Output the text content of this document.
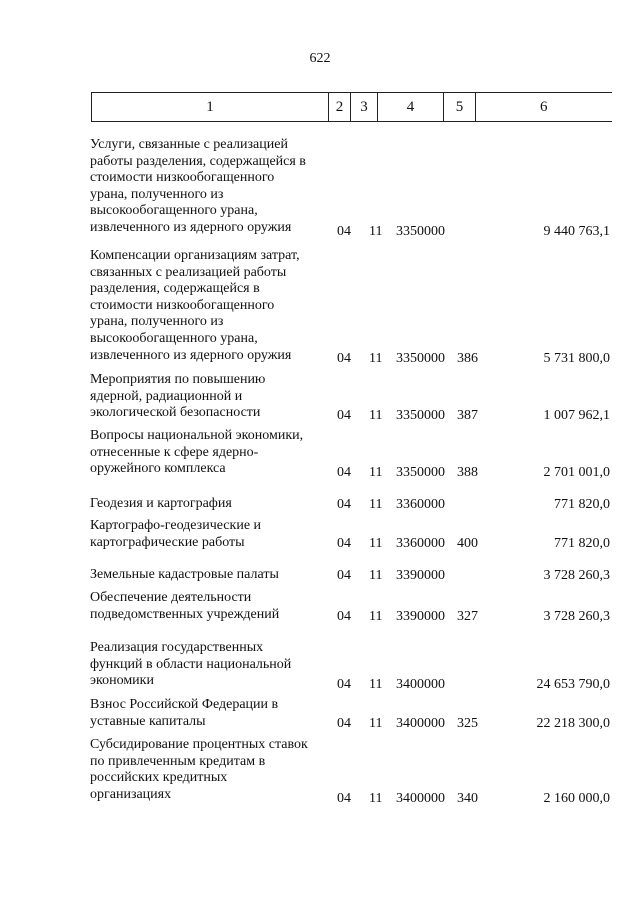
622
1	2	3	4	5	6
Услуги, связанные с реализацией
работы разделения, содержащейся в
стоимости низкообогащенного
урана, полученного из
высокообогащенного урана,
извлеченного из ядерного оружия	04 11 3350000	9 440 763,1
Компенсации организациям затрат,
связанных с реализацией работы
разделения, содержащейся в
стоимости низкообогащенного
урана, полученного из
высокообогащенного урана,
извлеченного из ядерного оружия	04 11 3350000 386	5 731 800,0
Мероприятия по повышению
ядерной, радиационной и
экологической безопасности	04 11 3350000 387	1 007 962,1
Вопросы национальной экономики,
отнесенные к сфере ядерно-
оружейного комплекса	04 11 3350000 388	2 701 001,0
Геодезия и картография	04 11 3360000	771 820,0
Картографо-геодезические и
картографические работы	04 11 3360000 400	771 820,0
Земельные кадастровые палаты	04 11 3390000	3 728 260,3
Обеспечение деятельности
подведомственных учреждений	04 11 3390000 327	3 728 260,3
Реализация государственных
функций в области национальной
экономики	04 11 3400000	24 653 790,0
Взнос Российской Федерации в
уставные капиталы	04 11 3400000 325	22 218 300,0
Субсидирование процентных ставок
по привлеченным кредитам в
российских кредитных
организациях	04 11 3400000 340	2 160 000,0
